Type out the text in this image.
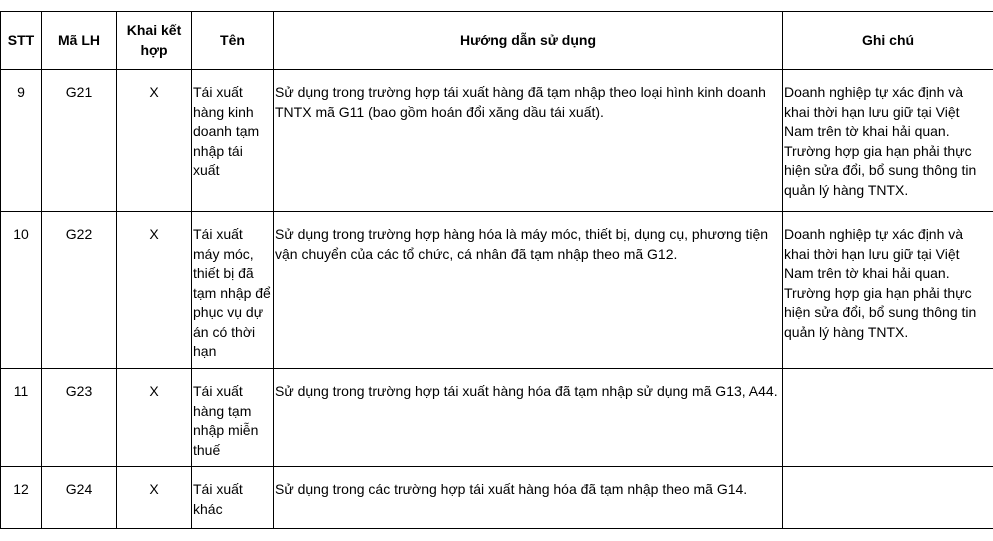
STT	Mã LH	Khai kết hợp	Tên	Hướng dẫn sử dụng	Ghi chú
9	G21	X	Tái xuất hàng kinh doanh tạm nhập tái xuất	Sử dụng trong trường hợp tái xuất hàng đã tạm nhập theo loại hình kinh doanh TNTX mã G11 (bao gồm hoán đổi xăng dầu tái xuất).	Doanh nghiệp tự xác định và khai thời hạn lưu giữ tại Việt Nam trên tờ khai hải quan. Trường hợp gia hạn phải thực hiện sửa đổi, bổ sung thông tin quản lý hàng TNTX.
10	G22	X	Tái xuất máy móc, thiết bị đã tạm nhập để phục vụ dự án có thời hạn	Sử dụng trong trường hợp hàng hóa là máy móc, thiết bị, dụng cụ, phương tiện vận chuyển của các tổ chức, cá nhân đã tạm nhập theo mã G12.	Doanh nghiệp tự xác định và khai thời hạn lưu giữ tại Việt Nam trên tờ khai hải quan. Trường hợp gia hạn phải thực hiện sửa đổi, bổ sung thông tin quản lý hàng TNTX.
11	G23	X	Tái xuất hàng tạm nhập miễn thuế	Sử dụng trong trường hợp tái xuất hàng hóa đã tạm nhập sử dụng mã G13, A44.	
12	G24	X	Tái xuất khác	Sử dụng trong các trường hợp tái xuất hàng hóa đã tạm nhập theo mã G14.	
